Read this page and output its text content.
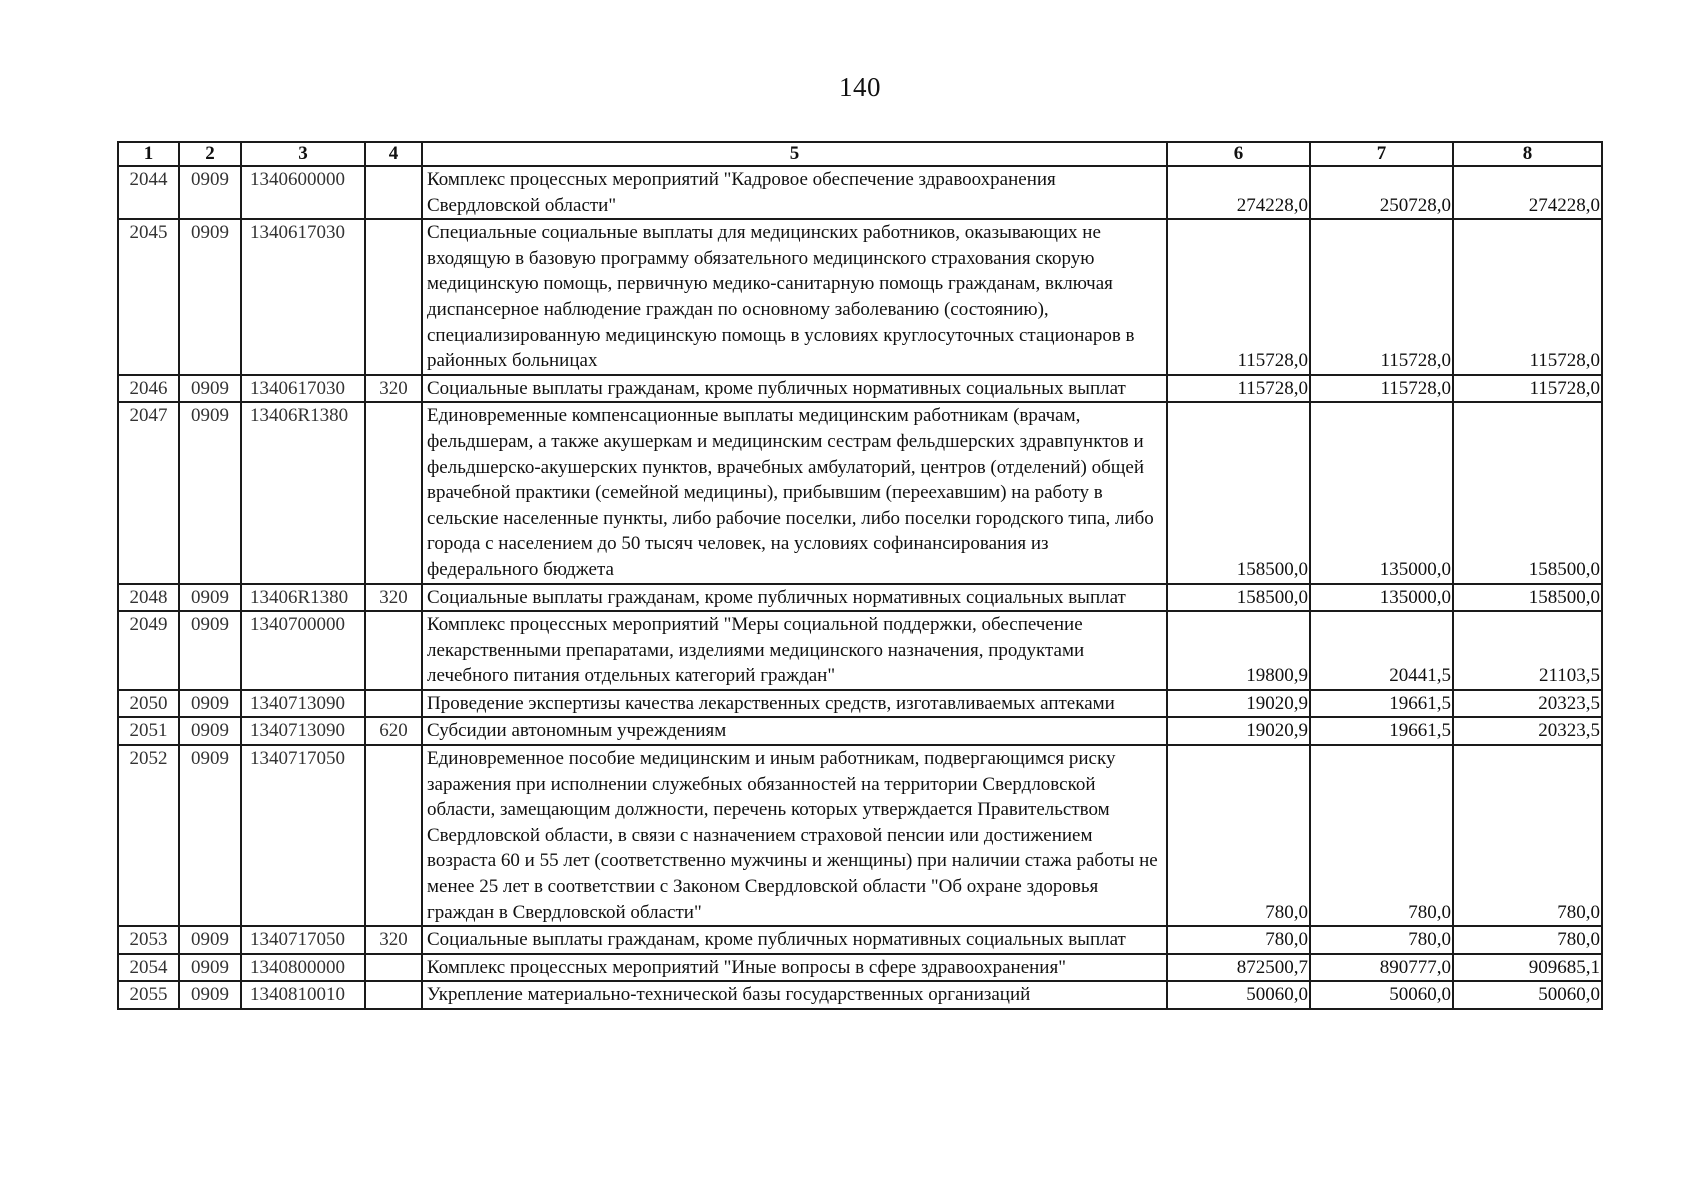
140
1	2	3	4	5	6	7	8
2044	0909	1340600000		Комплекс процессных мероприятий "Кадровое обеспечение здравоохранения Свердловской области"	274228,0	250728,0	274228,0
2045	0909	1340617030		Специальные социальные выплаты для медицинских работников, оказывающих не входящую в базовую программу обязательного медицинского страхования скорую медицинскую помощь, первичную медико-санитарную помощь гражданам, включая диспансерное наблюдение граждан по основному заболеванию (состоянию), специализированную медицинскую помощь в условиях круглосуточных стационаров в районных больницах	115728,0	115728,0	115728,0
2046	0909	1340617030	320	Социальные выплаты гражданам, кроме публичных нормативных социальных выплат	115728,0	115728,0	115728,0
2047	0909	13406R1380		Единовременные компенсационные выплаты медицинским работникам (врачам, фельдшерам, а также акушеркам и медицинским сестрам фельдшерских здравпунктов и фельдшерско-акушерских пунктов, врачебных амбулаторий, центров (отделений) общей врачебной практики (семейной медицины), прибывшим (переехавшим) на работу в сельские населенные пункты, либо рабочие поселки, либо поселки городского типа, либо города с населением до 50 тысяч человек, на условиях софинансирования из федерального бюджета	158500,0	135000,0	158500,0
2048	0909	13406R1380	320	Социальные выплаты гражданам, кроме публичных нормативных социальных выплат	158500,0	135000,0	158500,0
2049	0909	1340700000		Комплекс процессных мероприятий "Меры социальной поддержки, обеспечение лекарственными препаратами, изделиями медицинского назначения, продуктами лечебного питания отдельных категорий граждан"	19800,9	20441,5	21103,5
2050	0909	1340713090		Проведение экспертизы качества лекарственных средств, изготавливаемых аптеками	19020,9	19661,5	20323,5
2051	0909	1340713090	620	Субсидии автономным учреждениям	19020,9	19661,5	20323,5
2052	0909	1340717050		Единовременное пособие медицинским и иным работникам, подвергающимся риску заражения при исполнении служебных обязанностей на территории Свердловской области, замещающим должности, перечень которых утверждается Правительством Свердловской области, в связи с назначением страховой пенсии или достижением возраста 60 и 55 лет (соответственно мужчины и женщины) при наличии стажа работы не менее 25 лет в соответствии с Законом Свердловской области "Об охране здоровья граждан в Свердловской области"	780,0	780,0	780,0
2053	0909	1340717050	320	Социальные выплаты гражданам, кроме публичных нормативных социальных выплат	780,0	780,0	780,0
2054	0909	1340800000		Комплекс процессных мероприятий "Иные вопросы в сфере здравоохранения"	872500,7	890777,0	909685,1
2055	0909	1340810010		Укрепление материально-технической базы государственных организаций	50060,0	50060,0	50060,0
